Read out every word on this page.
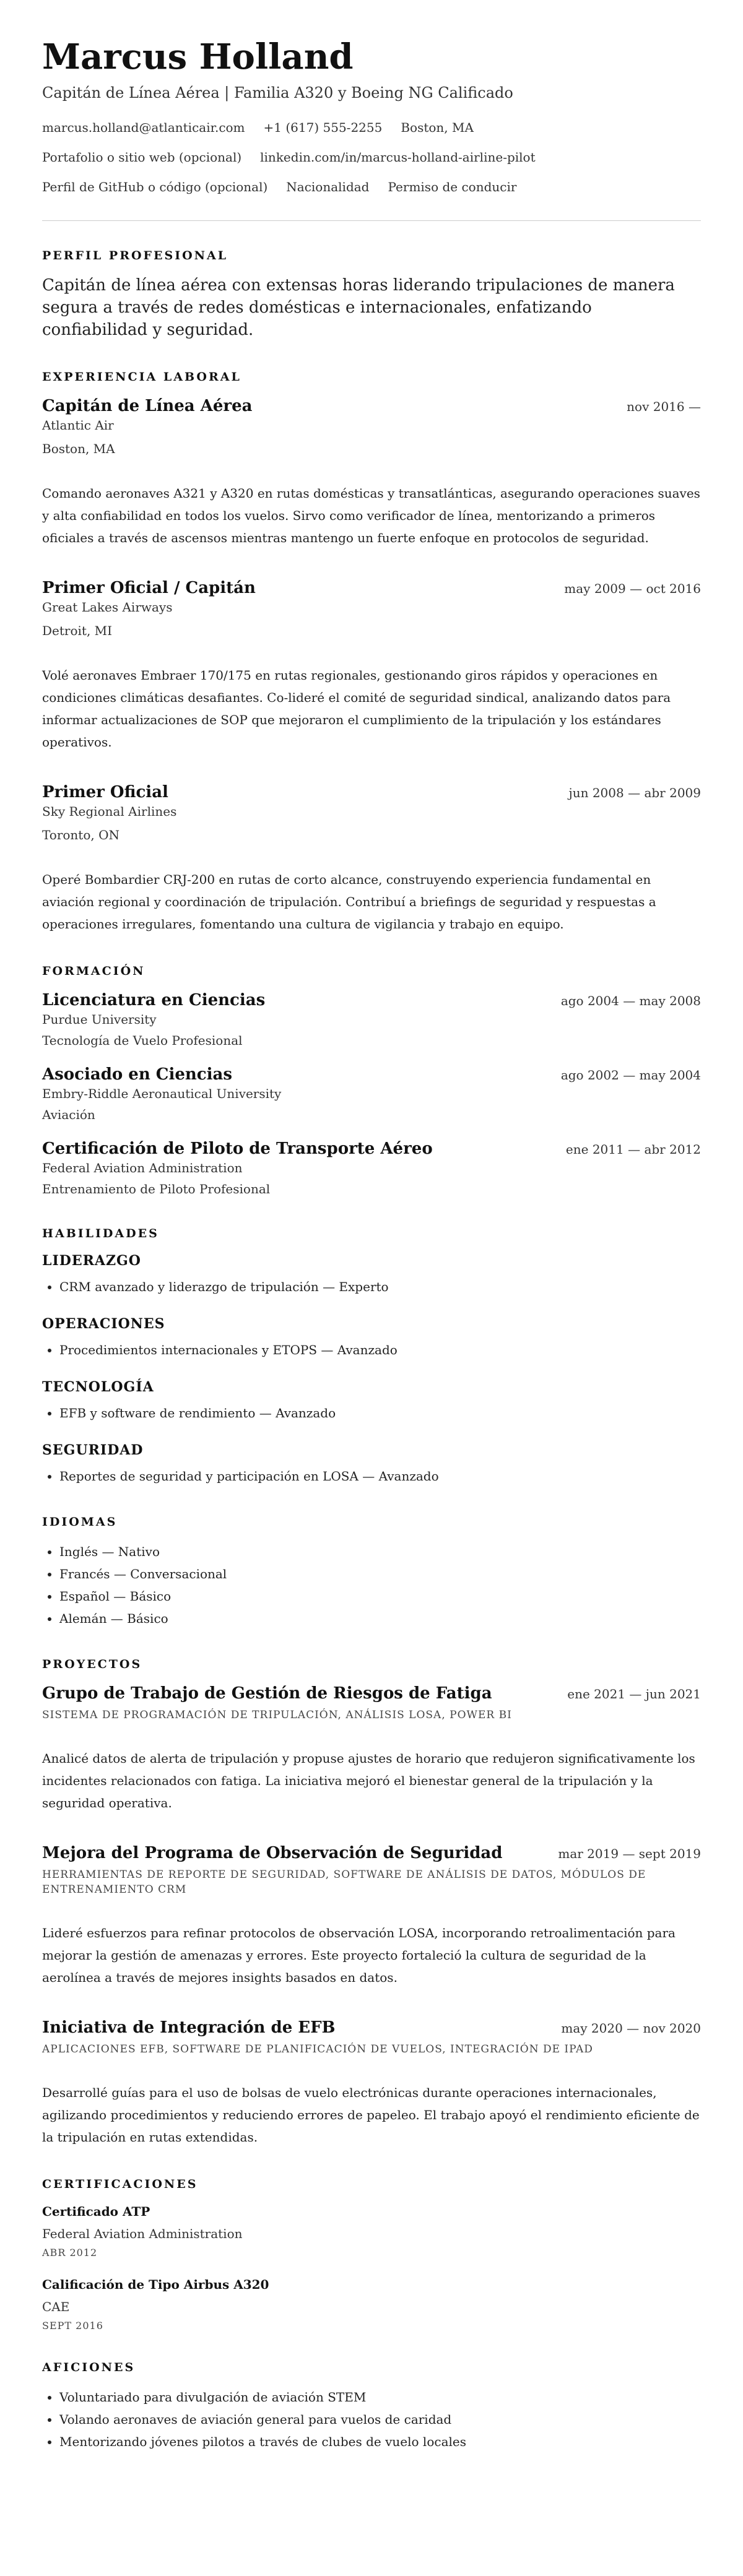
Marcus Holland
Capitán de Línea Aérea | Familia A320 y Boeing NG Calificado
marcus.holland@atlanticair.com +1 (617) 555-2255 Boston, MA
Portafolio o sitio web (opcional) linkedin.com/in/marcus-holland-airline-pilot
Perfil de GitHub o código (opcional) Nacionalidad Permiso de conducir
PERFIL PROFESIONAL
Capitán de línea aérea con extensas horas liderando tripulaciones de manera segura a través de redes domésticas e internacionales, enfatizando confiabilidad y seguridad.
EXPERIENCIA LABORAL
Capitán de Línea Aérea	nov 2016 —
Atlantic Air
Boston, MA
Comando aeronaves A321 y A320 en rutas domésticas y transatlánticas, asegurando operaciones suaves y alta confiabilidad en todos los vuelos. Sirvo como verificador de línea, mentorizando a primeros oficiales a través de ascensos mientras mantengo un fuerte enfoque en protocolos de seguridad.
Primer Oficial / Capitán	may 2009 — oct 2016
Great Lakes Airways
Detroit, MI
Volé aeronaves Embraer 170/175 en rutas regionales, gestionando giros rápidos y operaciones en condiciones climáticas desafiantes. Co-lideré el comité de seguridad sindical, analizando datos para informar actualizaciones de SOP que mejoraron el cumplimiento de la tripulación y los estándares operativos.
Primer Oficial	jun 2008 — abr 2009
Sky Regional Airlines
Toronto, ON
Operé Bombardier CRJ-200 en rutas de corto alcance, construyendo experiencia fundamental en aviación regional y coordinación de tripulación. Contribuí a briefings de seguridad y respuestas a operaciones irregulares, fomentando una cultura de vigilancia y trabajo en equipo.
FORMACIÓN
Licenciatura en Ciencias	ago 2004 — may 2008
Purdue University
Tecnología de Vuelo Profesional
Asociado en Ciencias	ago 2002 — may 2004
Embry-Riddle Aeronautical University
Aviación
Certificación de Piloto de Transporte Aéreo	ene 2011 — abr 2012
Federal Aviation Administration
Entrenamiento de Piloto Profesional
HABILIDADES
LIDERAZGO
• CRM avanzado y liderazgo de tripulación — Experto
OPERACIONES
• Procedimientos internacionales y ETOPS — Avanzado
TECNOLOGÍA
• EFB y software de rendimiento — Avanzado
SEGURIDAD
• Reportes de seguridad y participación en LOSA — Avanzado
IDIOMAS
• Inglés — Nativo
• Francés — Conversacional
• Español — Básico
• Alemán — Básico
PROYECTOS
Grupo de Trabajo de Gestión de Riesgos de Fatiga	ene 2021 — jun 2021
SISTEMA DE PROGRAMACIÓN DE TRIPULACIÓN, ANÁLISIS LOSA, POWER BI
Analicé datos de alerta de tripulación y propuse ajustes de horario que redujeron significativamente los incidentes relacionados con fatiga. La iniciativa mejoró el bienestar general de la tripulación y la seguridad operativa.
Mejora del Programa de Observación de Seguridad	mar 2019 — sept 2019
HERRAMIENTAS DE REPORTE DE SEGURIDAD, SOFTWARE DE ANÁLISIS DE DATOS, MÓDULOS DE ENTRENAMIENTO CRM
Lideré esfuerzos para refinar protocolos de observación LOSA, incorporando retroalimentación para mejorar la gestión de amenazas y errores. Este proyecto fortaleció la cultura de seguridad de la aerolínea a través de mejores insights basados en datos.
Iniciativa de Integración de EFB	may 2020 — nov 2020
APLICACIONES EFB, SOFTWARE DE PLANIFICACIÓN DE VUELOS, INTEGRACIÓN DE IPAD
Desarrollé guías para el uso de bolsas de vuelo electrónicas durante operaciones internacionales, agilizando procedimientos y reduciendo errores de papeleo. El trabajo apoyó el rendimiento eficiente de la tripulación en rutas extendidas.
CERTIFICACIONES
Certificado ATP
Federal Aviation Administration
ABR 2012
Calificación de Tipo Airbus A320
CAE
SEPT 2016
AFICIONES
• Voluntariado para divulgación de aviación STEM
• Volando aeronaves de aviación general para vuelos de caridad
• Mentorizando jóvenes pilotos a través de clubes de vuelo locales
